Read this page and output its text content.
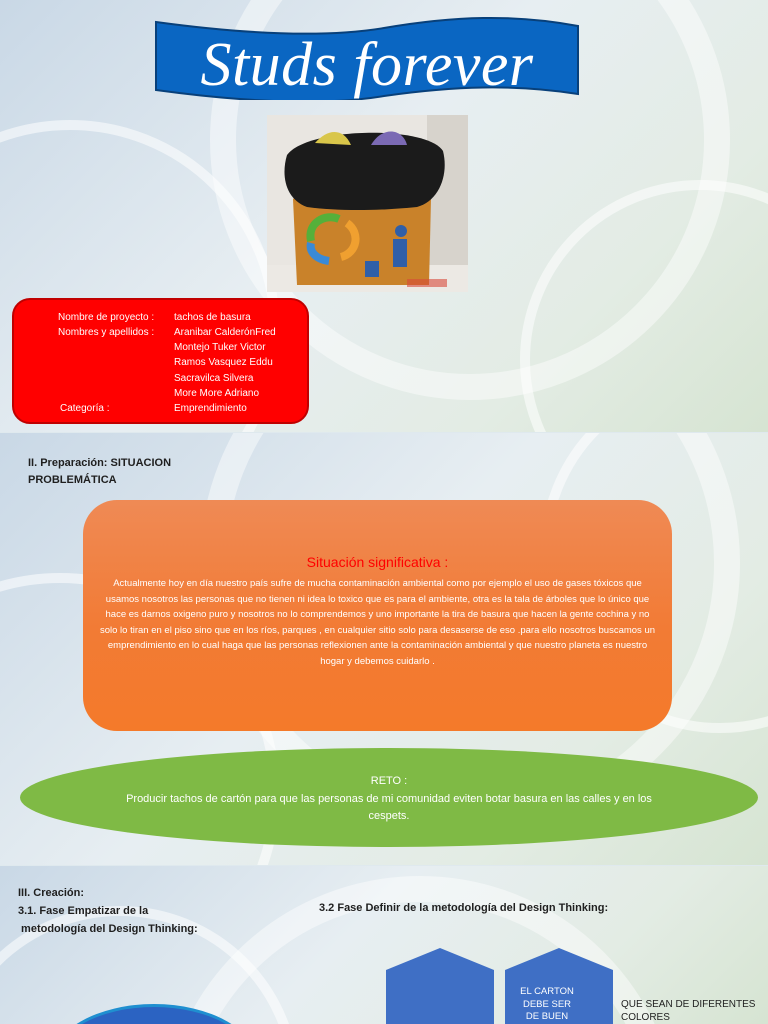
Studs forever
Nombre de proyecto : tachos de basura
Nombres y apellidos : Aranibar CalderónFred
Montejo Tuker Victor
Ramos Vasquez Eddu
Sacravilca Silvera
More More Adriano
Categoría :	Emprendimiento
II. Preparación: SITUACION
PROBLEMÁTICA
Situación significativa :
Actualmente hoy en día nuestro país sufre de mucha contaminación ambiental como por ejemplo el uso de gases tóxicos que usamos nosotros las personas que no tienen ni idea lo toxico que es para el ambiente, otra es la tala de árboles que lo único que hace es darnos oxigeno puro y nosotros no lo comprendemos y uno importante la tira de basura que hacen la gente cochina y no solo lo tiran en el piso sino que en los ríos, parques , en cualquier sitio solo para desaserse de eso .para ello nosotros buscamos un emprendimiento en lo cual haga que las personas reflexionen ante la contaminación ambiental y que nuestro planeta es nuestro hogar y debemos cuidarlo .
RETO :
Producir tachos de cartón para que las personas de mi comunidad eviten botar basura en las calles y en los cespets.
III. Creación:
3.1. Fase Empatizar de la
metodología del Design Thinking:
3.2 Fase Definir de la metodología del Design Thinking:
EL CARTON DEBE SER DE BUEN
QUE SEAN DE DIFERENTES
COLORES
